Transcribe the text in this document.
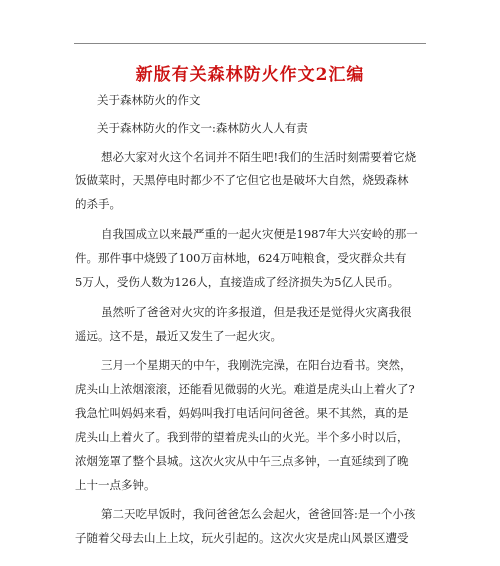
新版有关森林防火作文2汇编
关于森林防火的作文
关于森林防火的作文一:森林防火人人有责
想必大家对火这个名词并不陌生吧!我们的生活时刻需要着它烧
饭做菜时，天黑停电时都少不了它但它也是破坏大自然，烧毁森林
的杀手。
自我国成立以来最严重的一起火灾便是1987年大兴安岭的那一
件。那件事中烧毁了100万亩林地，624万吨粮食，受灾群众共有
5万人，受伤人数为126人，直接造成了经济损失为5亿人民币。
虽然听了爸爸对火灾的许多报道，但是我还是觉得火灾离我很
遥远。这不是，最近又发生了一起火灾。
三月一个星期天的中午，我刚洗完澡，在阳台边看书。突然，
虎头山上浓烟滚滚，还能看见微弱的火光。难道是虎头山上着火了?
我急忙叫妈妈来看，妈妈叫我打电话问问爸爸。果不其然，真的是
虎头山上着火了。我到带的望着虎头山的火光。半个多小时以后，
浓烟笼罩了整个县城。这次火灾从中午三点多钟，一直延续到了晚
上十一点多钟。
第二天吃早饭时，我问爸爸怎么会起火，爸爸回答:是一个小孩
子随着父母去山上上坟，玩火引起的。这次火灾是虎山风景区遭受
